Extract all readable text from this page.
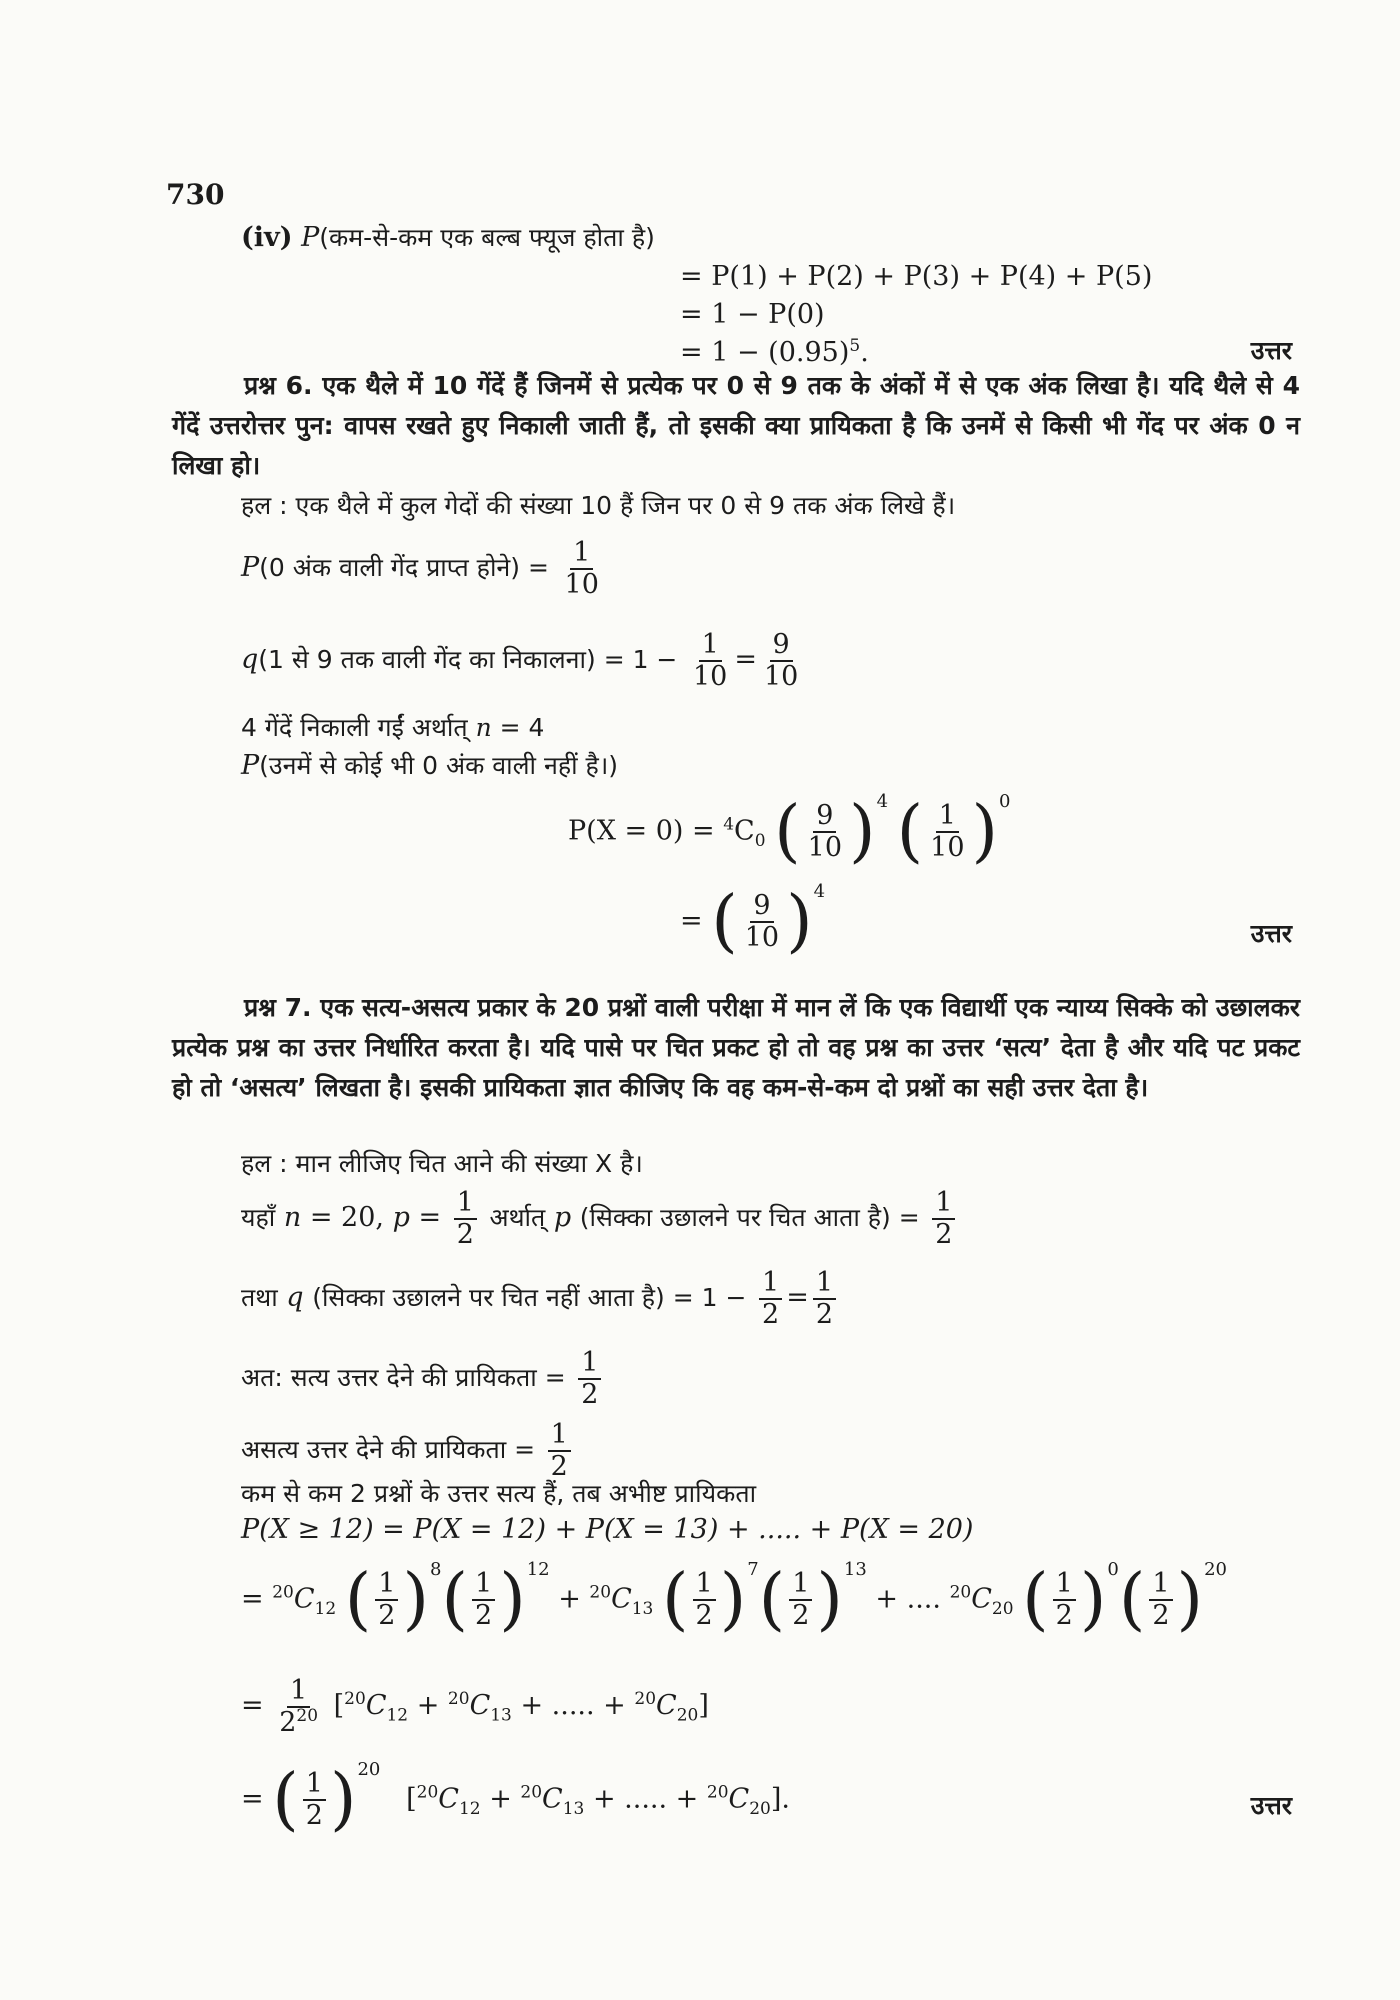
730
(iv) P(कम-से-कम एक बल्ब फ्यूज होता है)
= P(1) + P(2) + P(3) + P(4) + P(5)
= 1 − P(0)
= $1 - (0.95)^5$.	उत्तर
प्रश्न 6. एक थैले में 10 गेंदें हैं जिनमें से प्रत्येक पर 0 से 9 तक के अंकों में से एक अंक लिखा है। यदि थैले से 4 गेंदें उत्तरोत्तर पुन: वापस रखते हुए निकाली जाती हैं, तो इसकी क्या प्रायिकता है कि उनमें से किसी भी गेंद पर अंक 0 न लिखा हो।
हल : एक थैले में कुल गेदों की संख्या 10 हैं जिन पर 0 से 9 तक अंक लिखे हैं।
P(0 अंक वाली गेंद प्राप्त होने) = $\frac{1}{10}$
q(1 से 9 तक वाली गेंद का निकालना) = $1 - \frac{1}{10} = \frac{9}{10}$
4 गेंदें निकाली गईं अर्थात् n = 4
P(उनमें से कोई भी 0 अंक वाली नहीं है।)
$P(X = 0) = ^4C_0$ ( $\frac{9}{10}$ ) 4
( $\frac{1}{10}$ ) 0
= ( $\frac{9}{10}$ ) 4
उत्तर
प्रश्न 7. एक सत्य-असत्य प्रकार के 20 प्रश्नों वाली परीक्षा में मान लें कि एक विद्यार्थी एक न्याय्य सिक्के को उछालकर प्रत्येक प्रश्न का उत्तर निर्धारित करता है। यदि पासे पर चित प्रकट हो तो वह प्रश्न का उत्तर ‘सत्य’ देता है और यदि पट प्रकट हो तो ‘असत्य’ लिखता है। इसकी प्रायिकता ज्ञात कीजिए कि वह कम-से-कम दो प्रश्नों का सही उत्तर देता है।
हल : मान लीजिए चित आने की संख्या X है।
यहाँ n = 20, $p = \frac{1}{2}$ अर्थात् p (सिक्का उछालने पर चित आता है) = $\frac{1}{2}$
तथा q (सिक्का उछालने पर चित नहीं आता है) = $1 - \frac{1}{2} = \frac{1}{2}$
अत: सत्य उत्तर देने की प्रायिकता = $\frac{1}{2}$
असत्य उत्तर देने की प्रायिकता = $\frac{1}{2}$
कम से कम 2 प्रश्नों के उत्तर सत्य हैं, तब अभीष्ट प्रायिकता
P(X ≥ 12) = P(X = 12) + P(X = 13) + ..... + P(X = 20)
= $^{20}C_{12}$ ( $\frac{1}{2}$ ) 8 ( $\frac{1}{2}$ ) 12
+ $^{20}C_{13}$ ( $\frac{1}{2}$ ) 7 ( $\frac{1}{2}$ ) 13
+ .... $^{20}C_{20}$ ( $\frac{1}{2}$ ) 0 ( $\frac{1}{2}$ ) 20
= $\frac{1}{2^{20}} [^{20}C_{12} + ^{20}C_{13}$ + ..... + $^{20}C_{20}$]
= ( $\frac{1}{2}$ ) 20
[$^{20}C_{12} + ^{20}C_{13}$ + ..... + $^{20}C_{20}$].	उत्तर
